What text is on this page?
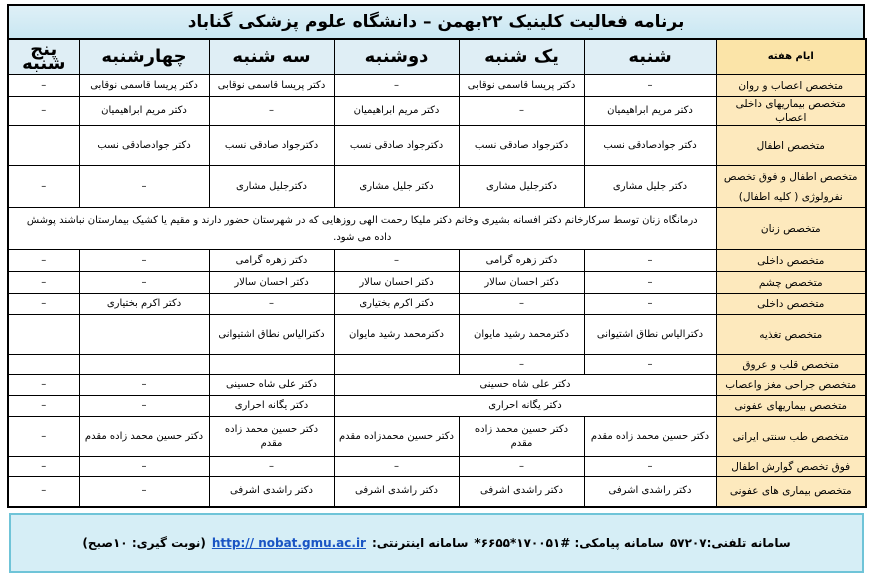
برنامه فعالیت کلینیک ۲۲بهمن – دانشگاه علوم پزشکی گناباد
ایام هفته	شنبه	یک شنبه	دوشنبه	سه شنبه	چهارشنبه	پنج شنبه
متخصص اعصاب و روان	–	دکتر پریسا قاسمی نوقابی	–	دکتر پریسا قاسمی نوقابی	دکتر پریسا قاسمی نوقابی	–
متخصص بیماریهای داخلی اعصاب	دکتر مریم ابراهیمیان	–	دکتر مریم ابراهیمیان	–	دکتر مریم ابراهیمیان	–
متخصص اطفال	دکتر جوادصادقی نسب	دکترجواد صادقی نسب	دکترجواد صادقی نسب	دکترجواد صادقی نسب	دکتر جوادصادقی نسب	
متخصص اطفال و فوق تخصص نفرولوژی ( کلیه اطفال)	دکتر جلیل مشاری	دکترجلیل مشاری	دکتر جلیل مشاری	دکترجلیل مشاری	–	–
متخصص زنان	درمانگاه زنان توسط سرکارخانم دکتر افسانه بشیری وخانم دکتر ملیکا رحمت الهی روزهایی که در شهرستان حضور دارند و مقیم یا کشیک بیمارستان نباشند پوشش داده می شود.					
متخصص داخلی	–	دکتر زهره گرامی	–	دکتر زهره گرامی	–	–
متخصص چشم	–	دکتر احسان سالار	دکتر احسان سالار	دکتر احسان سالار	–	–
متخصص داخلی	–	–	دکتر اکرم بختیاری	–	دکتر اکرم بختیاری	–
متخصص تغذیه	دکترالیاس نطاق اشتیوانی	دکترمحمد رشید مایوان	دکترمحمد رشید مایوان	دکترالیاس نطاق اشتیوانی		
متخصص قلب و عروق	–	–				
متخصص جراحی مغز واعصاب	دکتر علی شاه حسینی			دکتر علی شاه حسینی	–	–
متخصص بیماریهای عفونی	دکتر یگانه احراری			دکتر یگانه احراری	–	–
متخصص طب سنتی ایرانی	دکتر حسین محمد زاده مقدم	دکتر حسین محمد زاده مقدم	دکتر حسین محمدزاده مقدم	دکتر حسین محمد زاده مقدم	دکتر حسین محمد زاده مقدم	–
فوق تخصص گوارش اطفال	–	–	–	–	–	–
متخصص بیماری های عفونی	دکتر راشدی اشرفی	دکتر راشدی اشرفی	دکتر راشدی اشرفی	دکتر راشدی اشرفی	–	–
سامانه تلفنی:۵۷۲۰۷
سامانه پیامکی: #۱۷۰۰۵۱*۶۶۵۵*
سامانه اینترنتی:
http:// nobat.gmu.ac.ir
(نوبت گیری: ۱۰صبح)
